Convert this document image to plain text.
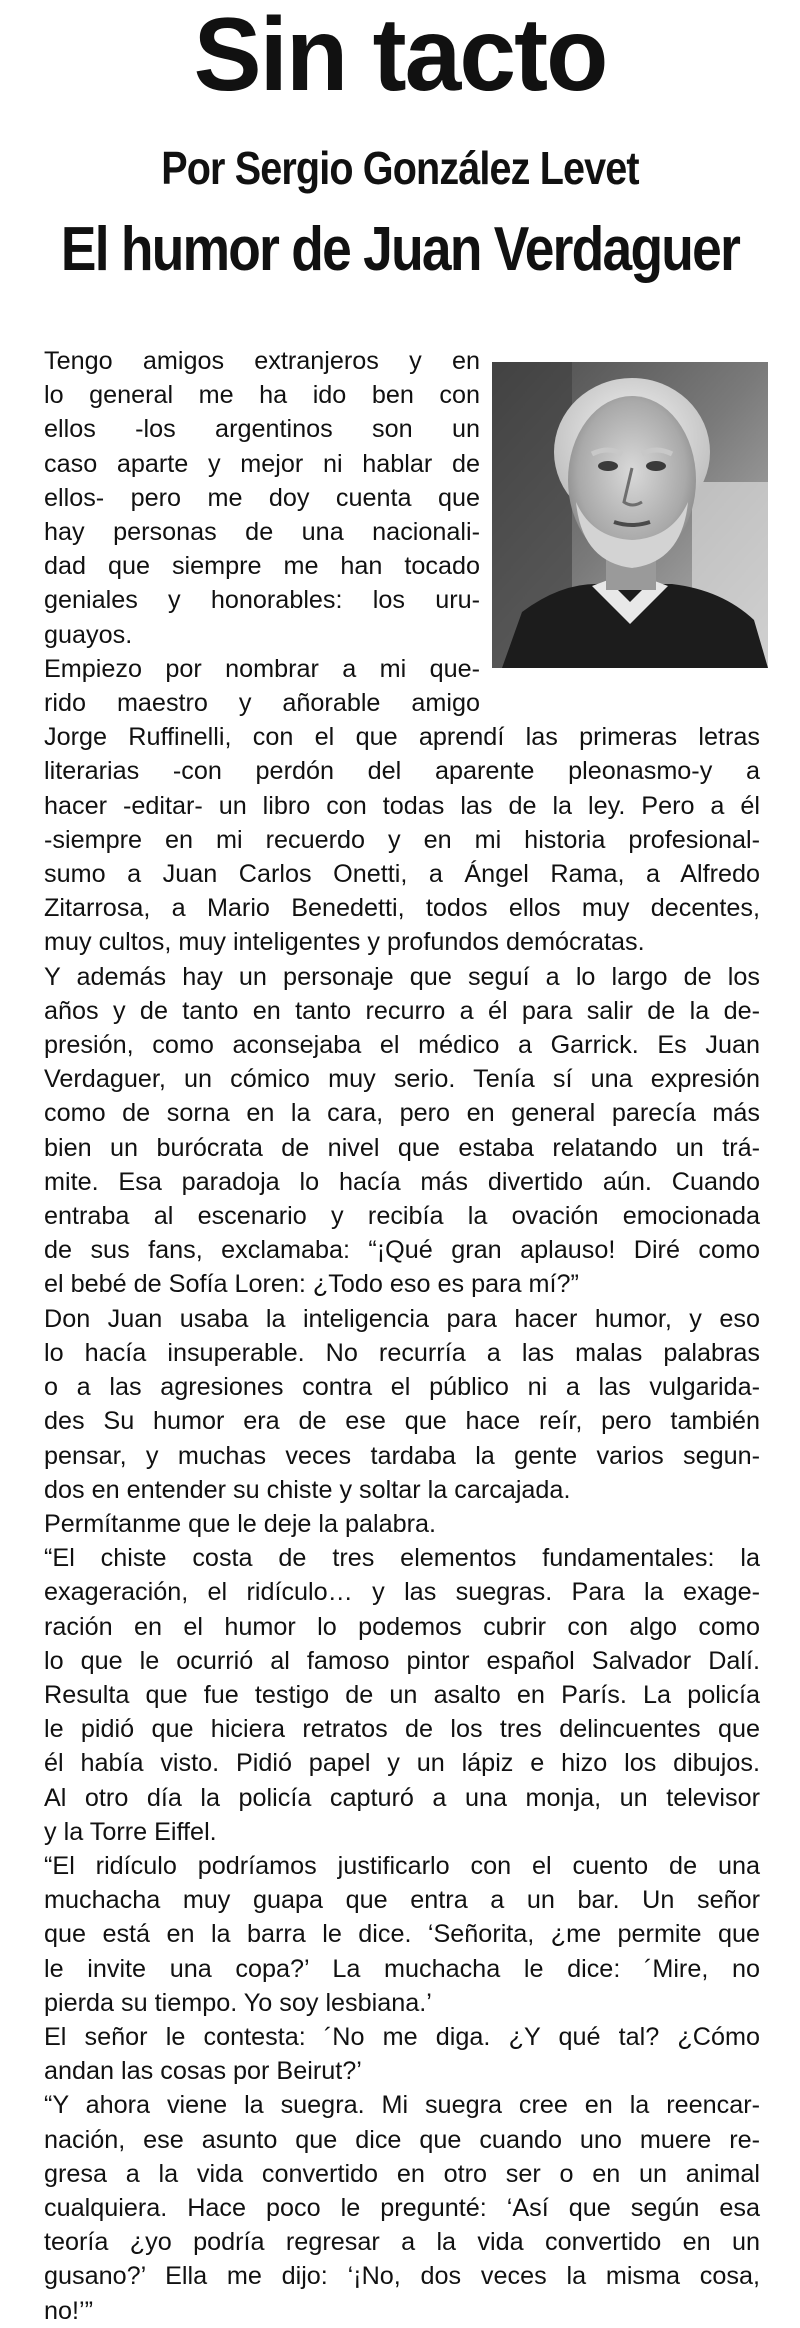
Sin tacto
Por Sergio González Levet
El humor de Juan Verdaguer

Tengo amigos extranjeros y en
lo general me ha ido ben con
ellos -los argentinos son un
caso aparte y mejor ni hablar de
ellos- pero me doy cuenta que
hay personas de una nacionali-
dad que siempre me han tocado
geniales y honorables: los uru-
guayos.

Empiezo por nombrar a mi que-
rido maestro y añorable amigo
Jorge Ruffinelli, con el que aprendí las primeras letras
literarias -con perdón del aparente pleonasmo-y a
hacer -editar- un libro con todas las de la ley. Pero a él
-siempre en mi recuerdo y en mi historia profesional-
sumo a Juan Carlos Onetti, a Ángel Rama, a Alfredo
Zitarrosa, a Mario Benedetti, todos ellos muy decentes,
muy cultos, muy inteligentes y profundos demócratas.

Y además hay un personaje que seguí a lo largo de los
años y de tanto en tanto recurro a él para salir de la de-
presión, como aconsejaba el médico a Garrick. Es Juan
Verdaguer, un cómico muy serio. Tenía sí una expresión
como de sorna en la cara, pero en general parecía más
bien un burócrata de nivel que estaba relatando un trá-
mite. Esa paradoja lo hacía más divertido aún. Cuando
entraba al escenario y recibía la ovación emocionada
de sus fans, exclamaba: “¡Qué gran aplauso! Diré como
el bebé de Sofía Loren: ¿Todo eso es para mí?”

Don Juan usaba la inteligencia para hacer humor, y eso
lo hacía insuperable. No recurría a las malas palabras
o a las agresiones contra el público ni a las vulgarida-
des Su humor era de ese que hace reír, pero también
pensar, y muchas veces tardaba la gente varios segun-
dos en entender su chiste y soltar la carcajada.

Permítanme que le deje la palabra.

“El chiste costa de tres elementos fundamentales: la
exageración, el ridículo… y las suegras. Para la exage-
ración en el humor lo podemos cubrir con algo como
lo que le ocurrió al famoso pintor español Salvador Dalí.
Resulta que fue testigo de un asalto en París. La policía
le pidió que hiciera retratos de los tres delincuentes que
él había visto. Pidió papel y un lápiz e hizo los dibujos.
Al otro día la policía capturó a una monja, un televisor
y la Torre Eiffel.

“El ridículo podríamos justificarlo con el cuento de una
muchacha muy guapa que entra a un bar. Un señor
que está en la barra le dice. ‘Señorita, ¿me permite que
le invite una copa?’ La muchacha le dice: ´Mire, no
pierda su tiempo. Yo soy lesbiana.’

El señor le contesta: ´No me diga. ¿Y qué tal? ¿Cómo
andan las cosas por Beirut?’

“Y ahora viene la suegra. Mi suegra cree en la reencar-
nación, ese asunto que dice que cuando uno muere re-
gresa a la vida convertido en otro ser o en un animal
cualquiera. Hace poco le pregunté: ‘Así que según esa
teoría ¿yo podría regresar a la vida convertido en un
gusano?’ Ella me dijo: ‘¡No, dos veces la misma cosa,
no!’”
